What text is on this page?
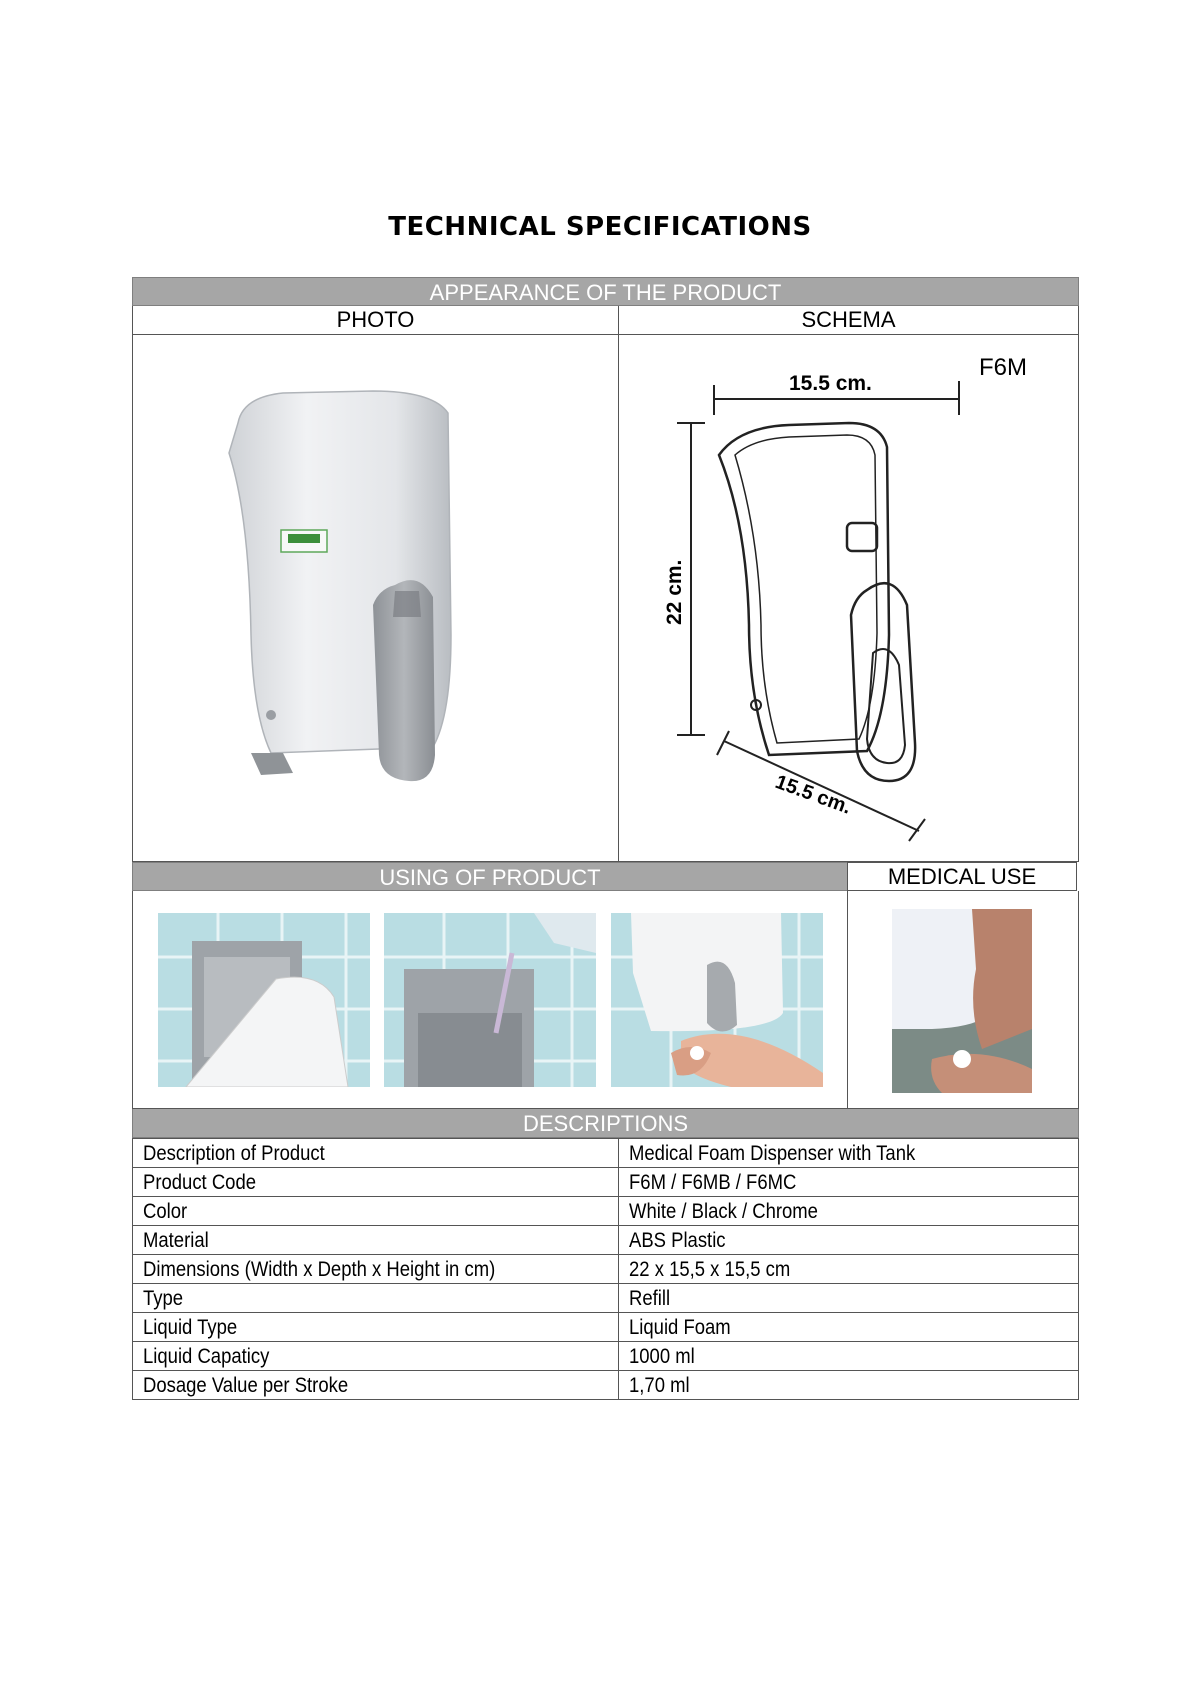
TECHNICAL SPECIFICATIONS
APPEARANCE OF THE PRODUCT
PHOTO	SCHEMA
F6M
15.5 cm.
22 cm.
15.5 cm.
USING OF PRODUCT	MEDICAL USE
DESCRIPTIONS
Description of Product	Medical Foam Dispenser with Tank
Product Code	F6M / F6MB / F6MC
Color	White / Black / Chrome
Material	ABS Plastic
Dimensions (Width x Depth x Height in cm)	22 x 15,5 x 15,5 cm
Type	Refill
Liquid Type	Liquid Foam
Liquid Capaticy	1000 ml
Dosage Value per Stroke	1,70 ml
